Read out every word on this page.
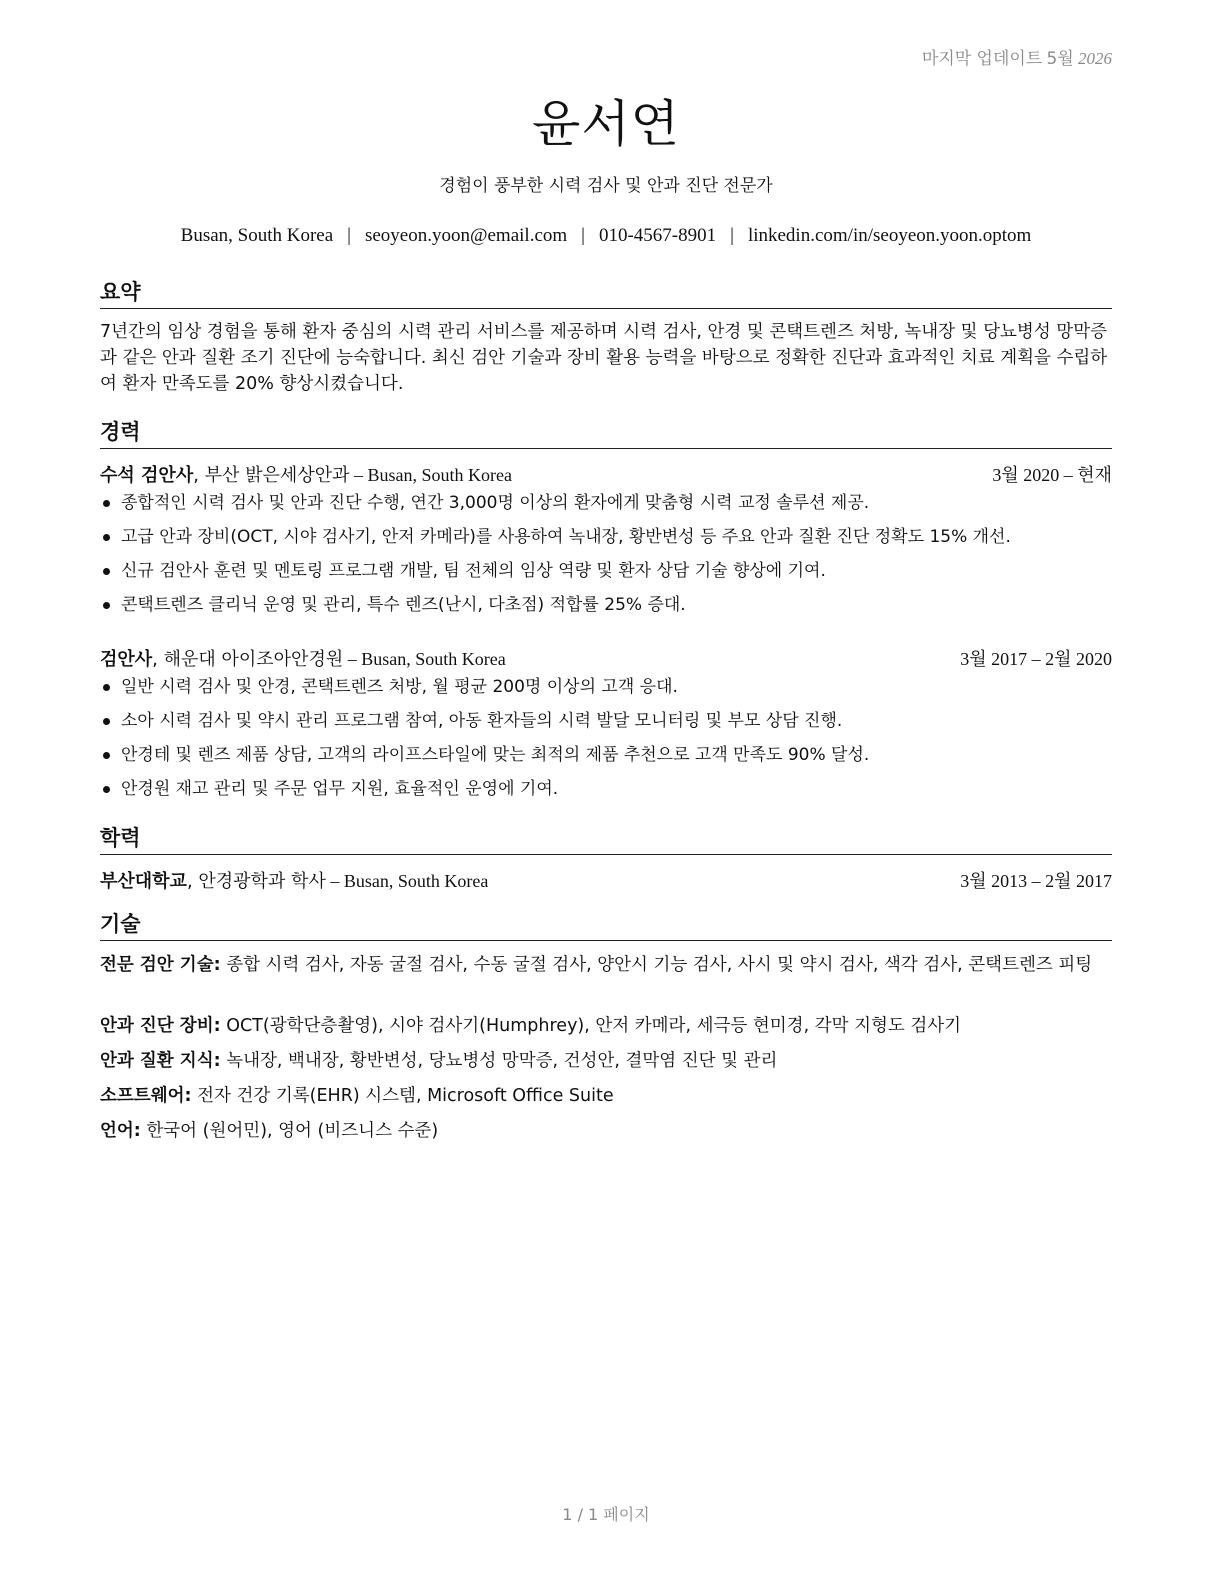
마지막 업데이트 5월 2026
윤서연
경험이 풍부한 시력 검사 및 안과 진단 전문가
Busan, South Korea | seoyeon.yoon@email.com | 010-4567-8901 | linkedin.com/in/seoyeon.yoon.optom
요약
7년간의 임상 경험을 통해 환자 중심의 시력 관리 서비스를 제공하며 시력 검사, 안경 및 콘택트렌즈 처방, 녹내장 및 당뇨병성 망막증과 같은 안과 질환 조기 진단에 능숙합니다. 최신 검안 기술과 장비 활용 능력을 바탕으로 정확한 진단과 효과적인 치료 계획을 수립하여 환자 만족도를 20% 향상시켰습니다.
경력
수석 검안사, 부산 밝은세상안과 – Busan, South Korea	3월 2020 – 현재
종합적인 시력 검사 및 안과 진단 수행, 연간 3,000명 이상의 환자에게 맞춤형 시력 교정 솔루션 제공.
고급 안과 장비(OCT, 시야 검사기, 안저 카메라)를 사용하여 녹내장, 황반변성 등 주요 안과 질환 진단 정확도 15% 개선.
신규 검안사 훈련 및 멘토링 프로그램 개발, 팀 전체의 임상 역량 및 환자 상담 기술 향상에 기여.
콘택트렌즈 클리닉 운영 및 관리, 특수 렌즈(난시, 다초점) 적합률 25% 증대.
검안사, 해운대 아이조아안경원 – Busan, South Korea	3월 2017 – 2월 2020
일반 시력 검사 및 안경, 콘택트렌즈 처방, 월 평균 200명 이상의 고객 응대.
소아 시력 검사 및 약시 관리 프로그램 참여, 아동 환자들의 시력 발달 모니터링 및 부모 상담 진행.
안경테 및 렌즈 제품 상담, 고객의 라이프스타일에 맞는 최적의 제품 추천으로 고객 만족도 90% 달성.
안경원 재고 관리 및 주문 업무 지원, 효율적인 운영에 기여.
학력
부산대학교, 안경광학과 학사 – Busan, South Korea	3월 2013 – 2월 2017
기술
전문 검안 기술: 종합 시력 검사, 자동 굴절 검사, 수동 굴절 검사, 양안시 기능 검사, 사시 및 약시 검사, 색각 검사, 콘택트렌즈 피팅
안과 진단 장비: OCT(광학단층촬영), 시야 검사기(Humphrey), 안저 카메라, 세극등 현미경, 각막 지형도 검사기
안과 질환 지식: 녹내장, 백내장, 황반변성, 당뇨병성 망막증, 건성안, 결막염 진단 및 관리
소프트웨어: 전자 건강 기록(EHR) 시스템, Microsoft Office Suite
언어: 한국어 (원어민), 영어 (비즈니스 수준)
1 / 1 페이지
